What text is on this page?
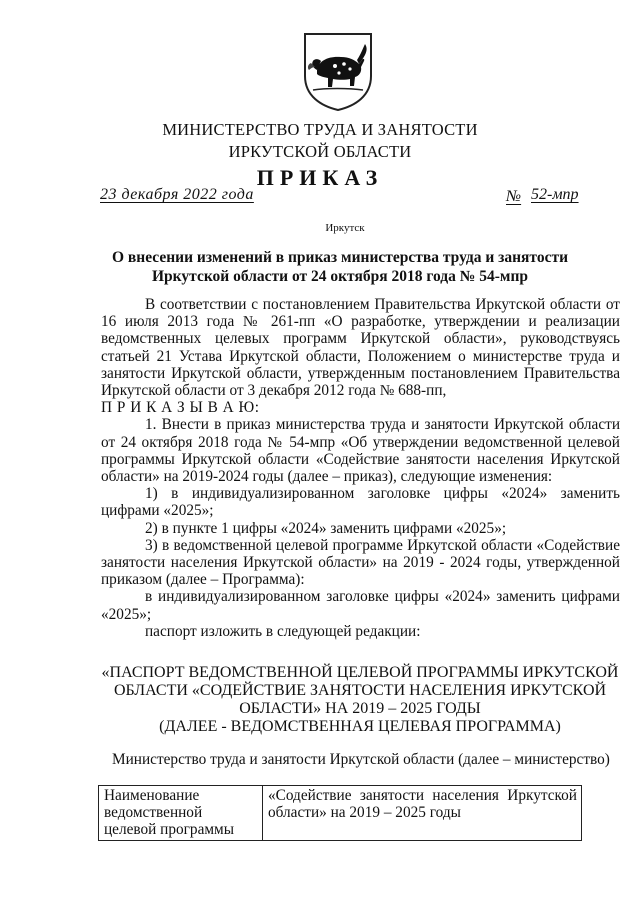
МИНИСТЕРСТВО ТРУДА И ЗАНЯТОСТИ
ИРКУТСКОЙ ОБЛАСТИ
ПРИКАЗ
23 декабря 2022 года	№ 52-мпр
Иркутск
О внесении изменений в приказ министерства труда и занятости
Иркутской области от 24 октября 2018 года № 54-мпр

В соответствии с постановлением Правительства Иркутской области от 16 июля 2013 года № 261-пп «О разработке, утверждении и реализации ведомственных целевых программ Иркутской области», руководствуясь статьей 21 Устава Иркутской области, Положением о министерстве труда и занятости Иркутской области, утвержденным постановлением Правительства Иркутской области от 3 декабря 2012 года № 688-пп,

П Р И К А З Ы В А Ю:

1. Внести в приказ министерства труда и занятости Иркутской области от 24 октября 2018 года № 54-мпр «Об утверждении ведомственной целевой программы Иркутской области «Содействие занятости населения Иркутской области» на 2019-2024 годы (далее – приказ), следующие изменения:

1) в индивидуализированном заголовке цифры «2024» заменить цифрами «2025»;

2) в пункте 1 цифры «2024» заменить цифрами «2025»;

3) в ведомственной целевой программе Иркутской области «Содействие занятости населения Иркутской области» на 2019 - 2024 годы, утвержденной приказом (далее – Программа):

в индивидуализированном заголовке цифры «2024» заменить цифрами «2025»;

паспорт изложить в следующей редакции:

«ПАСПОРТ ВЕДОМСТВЕННОЙ ЦЕЛЕВОЙ ПРОГРАММЫ ИРКУТСКОЙ
ОБЛАСТИ «СОДЕЙСТВИЕ ЗАНЯТОСТИ НАСЕЛЕНИЯ ИРКУТСКОЙ
ОБЛАСТИ» НА 2019 – 2025 ГОДЫ
(ДАЛЕЕ - ВЕДОМСТВЕННАЯ ЦЕЛЕВАЯ ПРОГРАММА)
Министерство труда и занятости Иркутской области (далее – министерство)
Наименование ведомственной целевой программы	«Содействие занятости населения Иркутской области» на 2019 – 2025 годы
